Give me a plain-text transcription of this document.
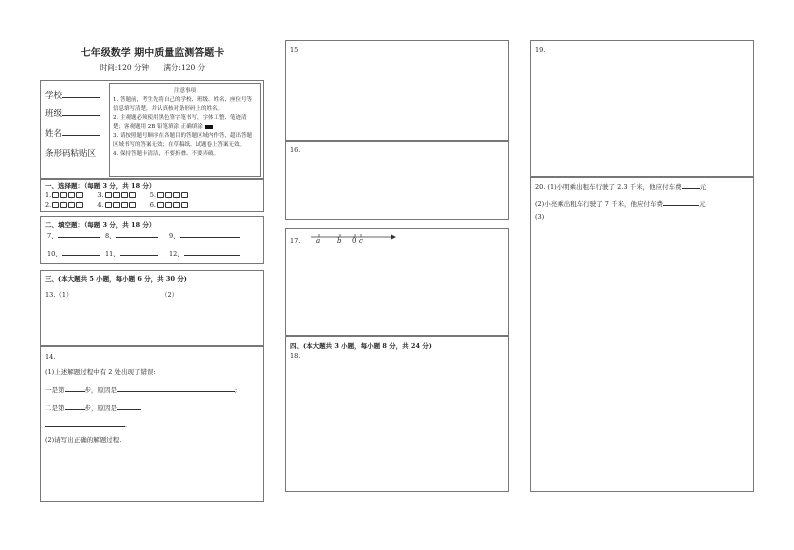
七年级数学 期中质量监测答题卡
时间:120 分钟 满分:120 分
学校
班级
姓名
条形码粘贴区
注意事项

1. 答题前，考生先将自己的学校、班级、姓名、座位号等信息填写清楚，并认真核对条形码上的姓名。

2. 主观题必须使用黑色签字笔书写，字体工整、笔迹清楚；客观题用 2B 铅笔填涂 正确填涂

3. 请按照题号顺序在各题目的答题区域内作答，超出答题区域书写的答案无效；在草稿纸、试题卷上答案无效。

4. 保持答题卡清洁，不要折叠、不要弄破。

一、选择题：（每题 3 分，共 18 分）
1.	3.	5.
2.	4.	6.
二、填空题：（每题 3 分，共 18 分）
7、	8、	9、
10、	11、	12、
三、(本大题共 5 小题，每小题 6 分，共 30 分)
13.（1）	（2）
14.
(1)上述解题过程中有 2 处出现了错误:
一是第	步，原因是	;
二是第	步，原因是
.
(2)请写出正确的解题过程.
15
16.
17. a b 0 c
四、(本大题共 3 小题，每小题 8 分，共 24 分)
18.
19.
20. (1)小明乘出租车行驶了 2.3 千米，他应付车费	元
(2)小亮乘出租车行驶了 7 千米，他应付车费	元
(3)
